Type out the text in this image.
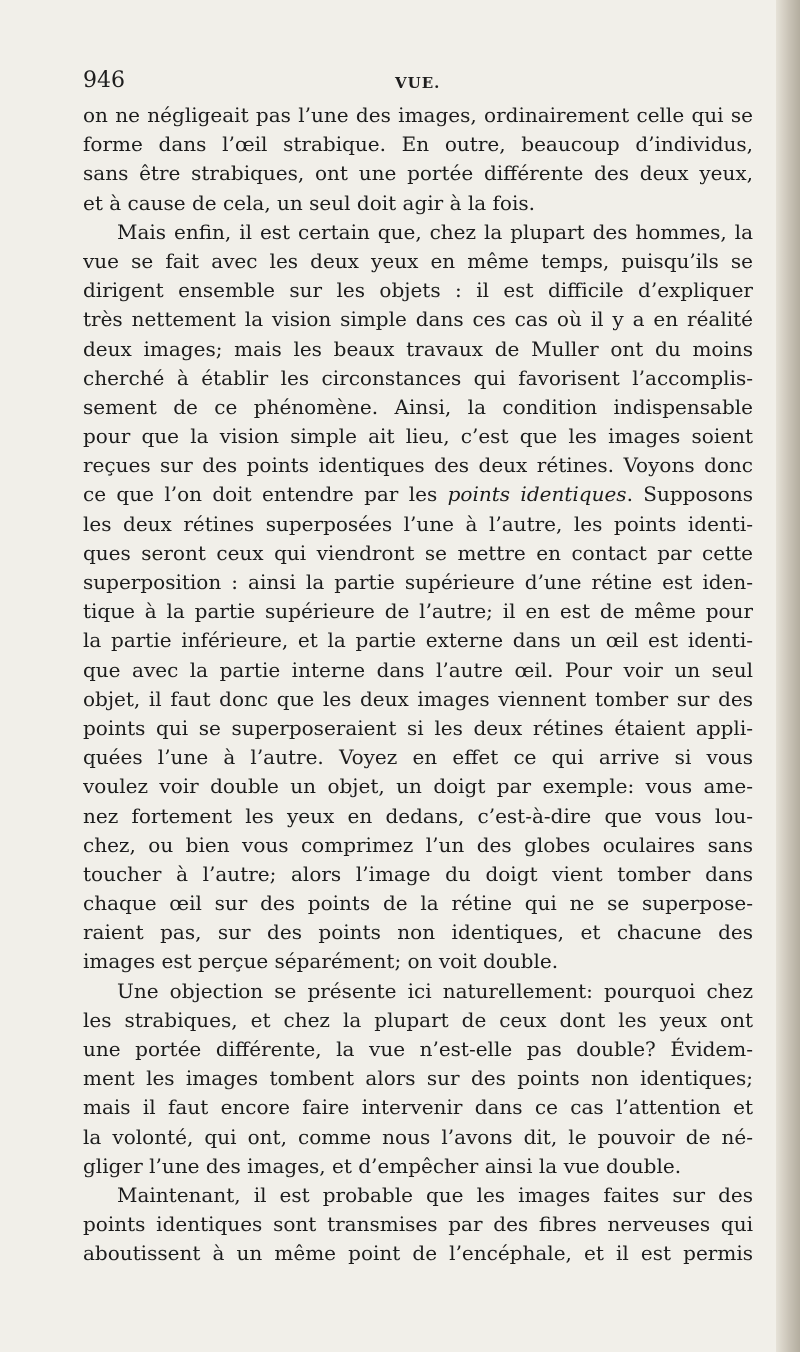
946	VUE.
on ne négligeait pas l’une des images, ordinairement celle qui se
forme dans l’œil strabique. En outre, beaucoup d’individus,
sans être strabiques, ont une portée différente des deux yeux,
et à cause de cela, un seul doit agir à la fois.
Mais enfin, il est certain que, chez la plupart des hommes, la
vue se fait avec les deux yeux en même temps, puisqu’ils se
dirigent ensemble sur les objets : il est difficile d’expliquer
très nettement la vision simple dans ces cas où il y a en réalité
deux images; mais les beaux travaux de Muller ont du moins
cherché à établir les circonstances qui favorisent l’accomplis-
sement de ce phénomène. Ainsi, la condition indispensable
pour que la vision simple ait lieu, c’est que les images soient
reçues sur des points identiques des deux rétines. Voyons donc
ce que l’on doit entendre par les points identiques. Supposons
les deux rétines superposées l’une à l’autre, les points identi-
ques seront ceux qui viendront se mettre en contact par cette
superposition : ainsi la partie supérieure d’une rétine est iden-
tique à la partie supérieure de l’autre; il en est de même pour
la partie inférieure, et la partie externe dans un œil est identi-
que avec la partie interne dans l’autre œil. Pour voir un seul
objet, il faut donc que les deux images viennent tomber sur des
points qui se superposeraient si les deux rétines étaient appli-
quées l’une à l’autre. Voyez en effet ce qui arrive si vous
voulez voir double un objet, un doigt par exemple: vous ame-
nez fortement les yeux en dedans, c’est-à-dire que vous lou-
chez, ou bien vous comprimez l’un des globes oculaires sans
toucher à l’autre; alors l’image du doigt vient tomber dans
chaque œil sur des points de la rétine qui ne se superpose-
raient pas, sur des points non identiques, et chacune des
images est perçue séparément; on voit double.
Une objection se présente ici naturellement: pourquoi chez
les strabiques, et chez la plupart de ceux dont les yeux ont
une portée différente, la vue n’est-elle pas double? Évidem-
ment les images tombent alors sur des points non identiques;
mais il faut encore faire intervenir dans ce cas l’attention et
la volonté, qui ont, comme nous l’avons dit, le pouvoir de né-
gliger l’une des images, et d’empêcher ainsi la vue double.
Maintenant, il est probable que les images faites sur des
points identiques sont transmises par des fibres nerveuses qui
aboutissent à un même point de l’encéphale, et il est permis
